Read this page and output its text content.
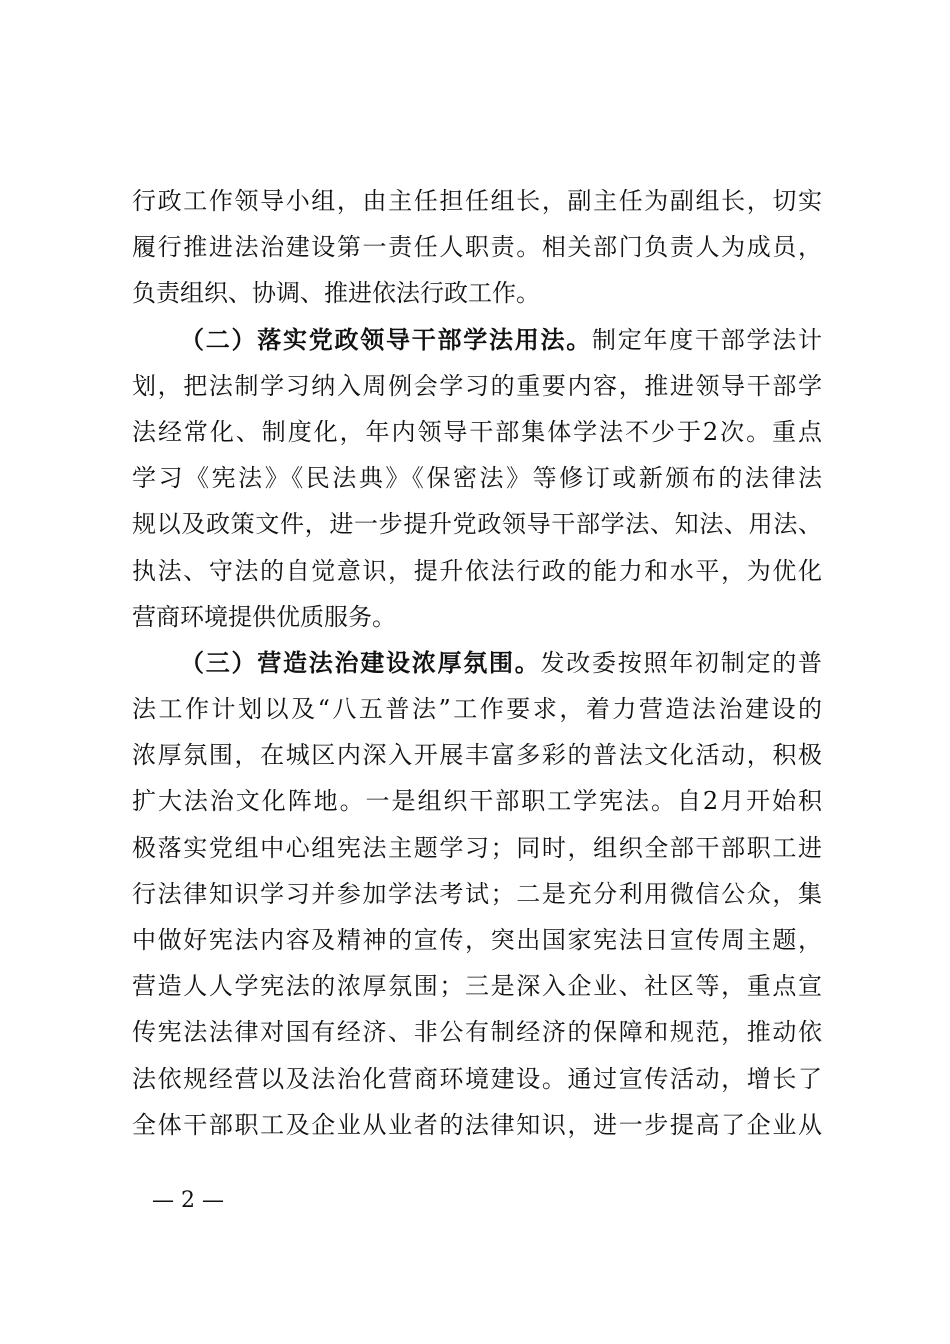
行政工作领导小组，由主任担任组长，副主任为副组长，切实
履行推进法治建设第一责任人职责。相关部门负责人为成员，
负责组织、协调、推进依法行政工作。
（二）落实党政领导干部学法用法。制定年度干部学法计
划，把法制学习纳入周例会学习的重要内容，推进领导干部学
法经常化、制度化，年内领导干部集体学法不少于2次。重点
学习《宪法》《民法典》《保密法》等修订或新颁布的法律法
规以及政策文件，进一步提升党政领导干部学法、知法、用法、
执法、守法的自觉意识，提升依法行政的能力和水平，为优化
营商环境提供优质服务。
（三）营造法治建设浓厚氛围。发改委按照年初制定的普
法工作计划以及“八五普法”工作要求，着力营造法治建设的
浓厚氛围，在城区内深入开展丰富多彩的普法文化活动，积极
扩大法治文化阵地。一是组织干部职工学宪法。自2月开始积
极落实党组中心组宪法主题学习；同时，组织全部干部职工进
行法律知识学习并参加学法考试；二是充分利用微信公众，集
中做好宪法内容及精神的宣传，突出国家宪法日宣传周主题，
营造人人学宪法的浓厚氛围；三是深入企业、社区等，重点宣
传宪法法律对国有经济、非公有制经济的保障和规范，推动依
法依规经营以及法治化营商环境建设。通过宣传活动，增长了
全体干部职工及企业从业者的法律知识，进一步提高了企业从
— 2 —
